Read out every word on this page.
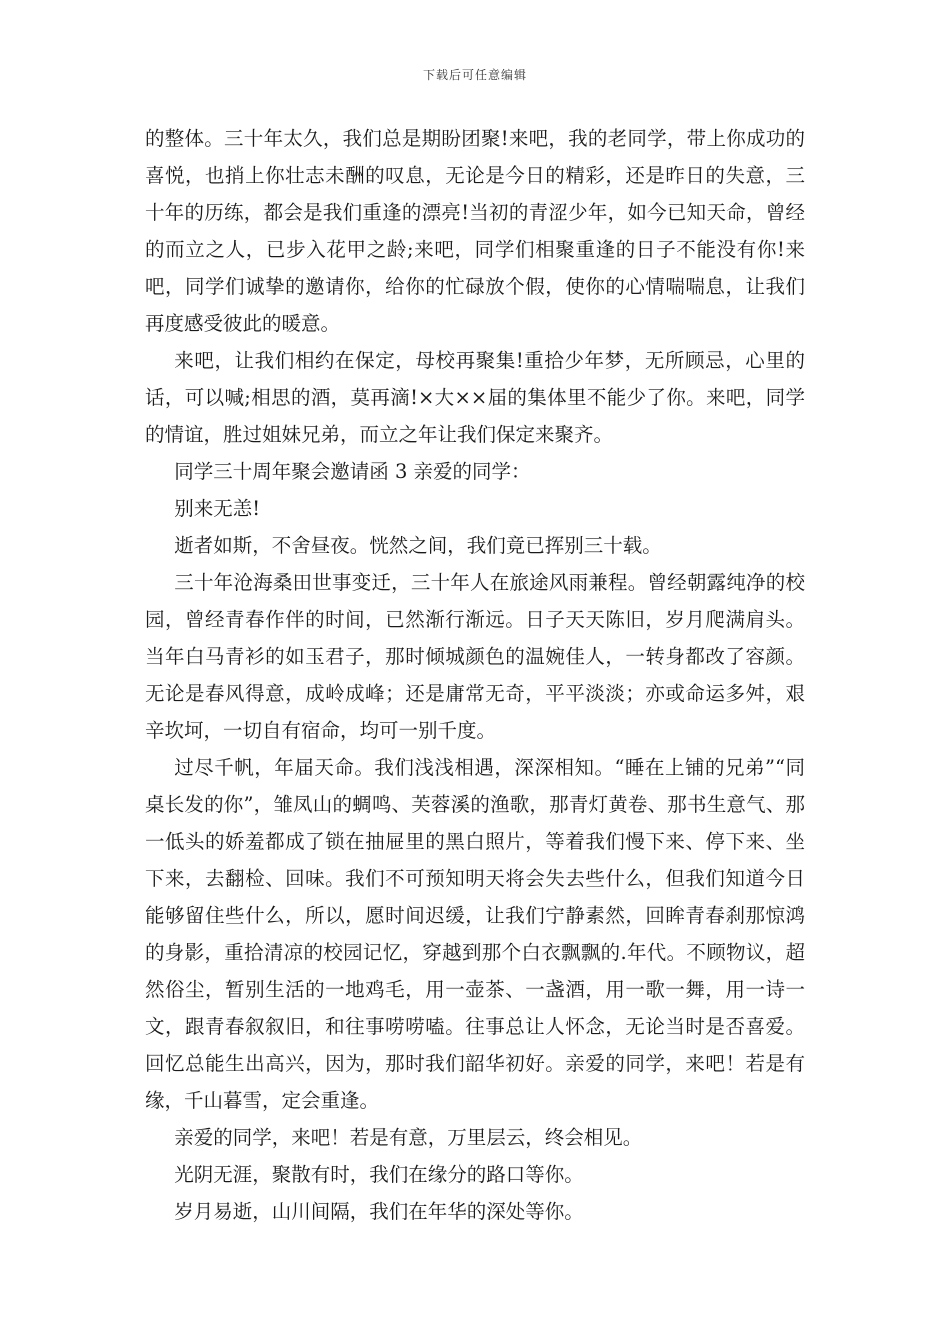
下载后可任意编辑

的整体。三十年太久，我们总是期盼团聚!来吧，我的老同学，带上你成功的喜悦，也捎上你壮志未酬的叹息，无论是今日的精彩，还是昨日的失意，三十年的历练，都会是我们重逢的漂亮!当初的青涩少年，如今已知天命，曾经的而立之人，已步入花甲之龄;来吧，同学们相聚重逢的日子不能没有你!来吧，同学们诚挚的邀请你，给你的忙碌放个假，使你的心情喘喘息，让我们再度感受彼此的暖意。

来吧，让我们相约在保定，母校再聚集!重拾少年梦，无所顾忌，心里的话，可以喊;相思的酒，莫再滴!×大××届的集体里不能少了你。来吧，同学的情谊，胜过姐妹兄弟，而立之年让我们保定来聚齐。

同学三十周年聚会邀请函 3 亲爱的同学：

别来无恙!

逝者如斯，不舍昼夜。恍然之间，我们竟已挥别三十载。

三十年沧海桑田世事变迁，三十年人在旅途风雨兼程。曾经朝露纯净的校园，曾经青春作伴的时间，已然渐行渐远。日子天天陈旧，岁月爬满肩头。当年白马青衫的如玉君子，那时倾城颜色的温婉佳人，一转身都改了容颜。无论是春风得意，成岭成峰；还是庸常无奇，平平淡淡；亦或命运多舛，艰辛坎坷，一切自有宿命，均可一别千度。

过尽千帆，年届天命。我们浅浅相遇，深深相知。“睡在上铺的兄弟”“同桌长发的你”，雏凤山的蜩鸣、芙蓉溪的渔歌，那青灯黄卷、那书生意气、那一低头的娇羞都成了锁在抽屉里的黑白照片，等着我们慢下来、停下来、坐下来，去翻检、回味。我们不可预知明天将会失去些什么，但我们知道今日能够留住些什么，所以，愿时间迟缓，让我们宁静素然，回眸青春刹那惊鸿的身影，重拾清凉的校园记忆，穿越到那个白衣飘飘的.年代。不顾物议，超然俗尘，暂别生活的一地鸡毛，用一壶茶、一盏酒，用一歌一舞，用一诗一文，跟青春叙叙旧，和往事唠唠嗑。往事总让人怀念，无论当时是否喜爱。回忆总能生出高兴，因为，那时我们韶华初好。亲爱的同学，来吧！若是有缘，千山暮雪，定会重逢。

亲爱的同学，来吧！若是有意，万里层云，终会相见。

光阴无涯，聚散有时，我们在缘分的路口等你。

岁月易逝，山川间隔，我们在年华的深处等你。
